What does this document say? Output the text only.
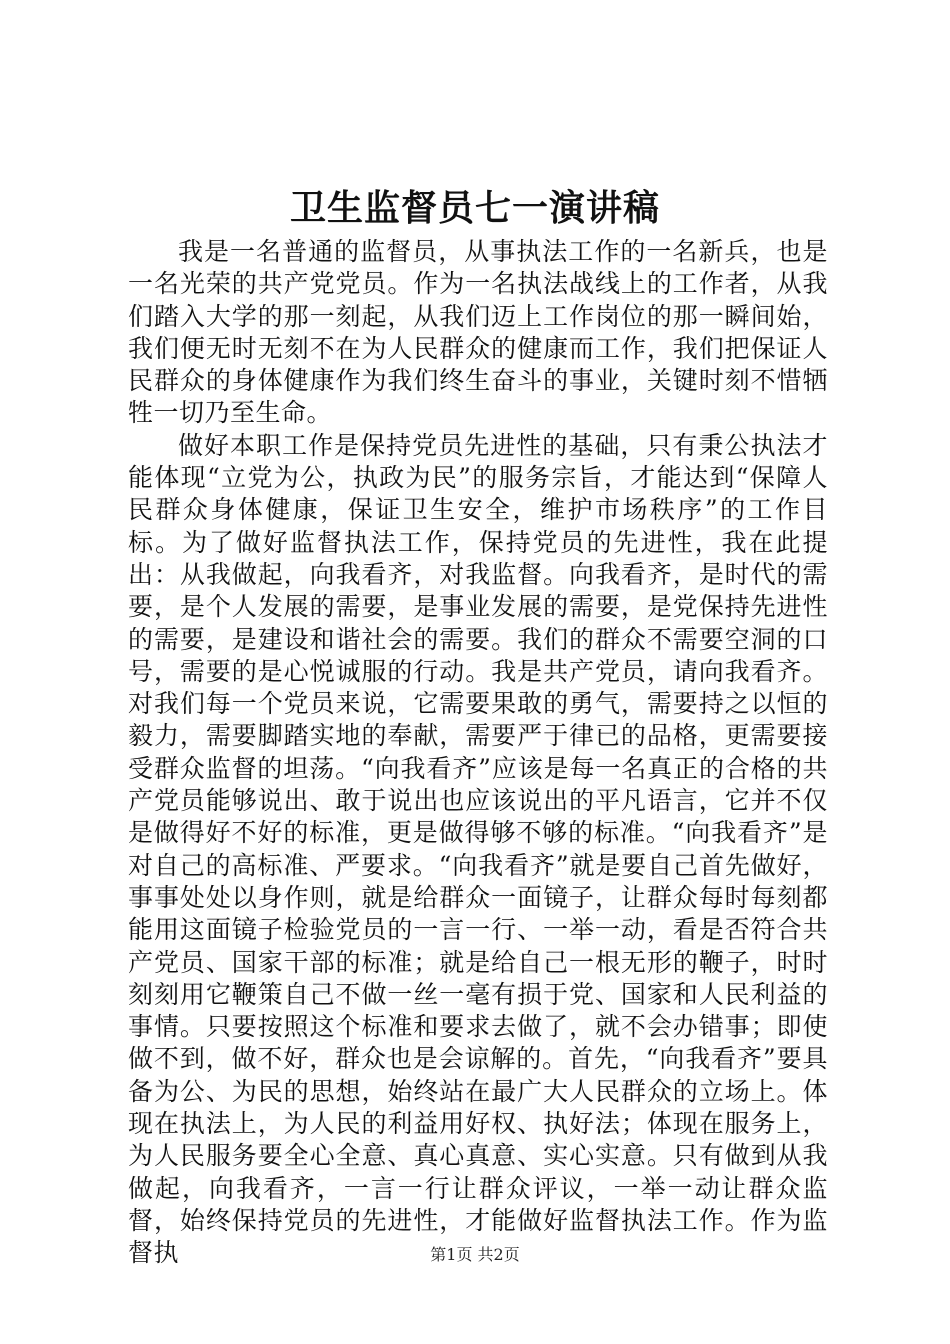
卫生监督员七一演讲稿

我是一名普通的监督员，从事执法工作的一名新兵，也是一名光荣的共产党党员。作为一名执法战线上的工作者，从我们踏入大学的那一刻起，从我们迈上工作岗位的那一瞬间始，我们便无时无刻不在为人民群众的健康而工作，我们把保证人民群众的身体健康作为我们终生奋斗的事业，关键时刻不惜牺牲一切乃至生命。

做好本职工作是保持党员先进性的基础，只有秉公执法才能体现“立党为公，执政为民”的服务宗旨，才能达到“保障人民群众身体健康，保证卫生安全，维护市场秩序”的工作目标。为了做好监督执法工作，保持党员的先进性，我在此提出：从我做起，向我看齐，对我监督。向我看齐，是时代的需要，是个人发展的需要，是事业发展的需要，是党保持先进性的需要，是建设和谐社会的需要。我们的群众不需要空洞的口号，需要的是心悦诚服的行动。我是共产党员，请向我看齐。对我们每一个党员来说，它需要果敢的勇气，需要持之以恒的毅力，需要脚踏实地的奉献，需要严于律已的品格，更需要接受群众监督的坦荡。“向我看齐”应该是每一名真正的合格的共产党员能够说出、敢于说出也应该说出的平凡语言，它并不仅是做得好不好的标准，更是做得够不够的标准。“向我看齐”是对自己的高标准、严要求。“向我看齐”就是要自己首先做好，事事处处以身作则，就是给群众一面镜子，让群众每时每刻都能用这面镜子检验党员的一言一行、一举一动，看是否符合共产党员、国家干部的标准；就是给自己一根无形的鞭子，时时刻刻用它鞭策自己不做一丝一毫有损于党、国家和人民利益的事情。只要按照这个标准和要求去做了，就不会办错事；即使做不到，做不好，群众也是会谅解的。首先，“向我看齐”要具备为公、为民的思想，始终站在最广大人民群众的立场上。体现在执法上，为人民的利益用好权、执好法；体现在服务上，为人民服务要全心全意、真心真意、实心实意。只有做到从我做起，向我看齐，一言一行让群众评议，一举一动让群众监督，始终保持党员的先进性，才能做好监督执法工作。作为监督执	第1页 共2页
